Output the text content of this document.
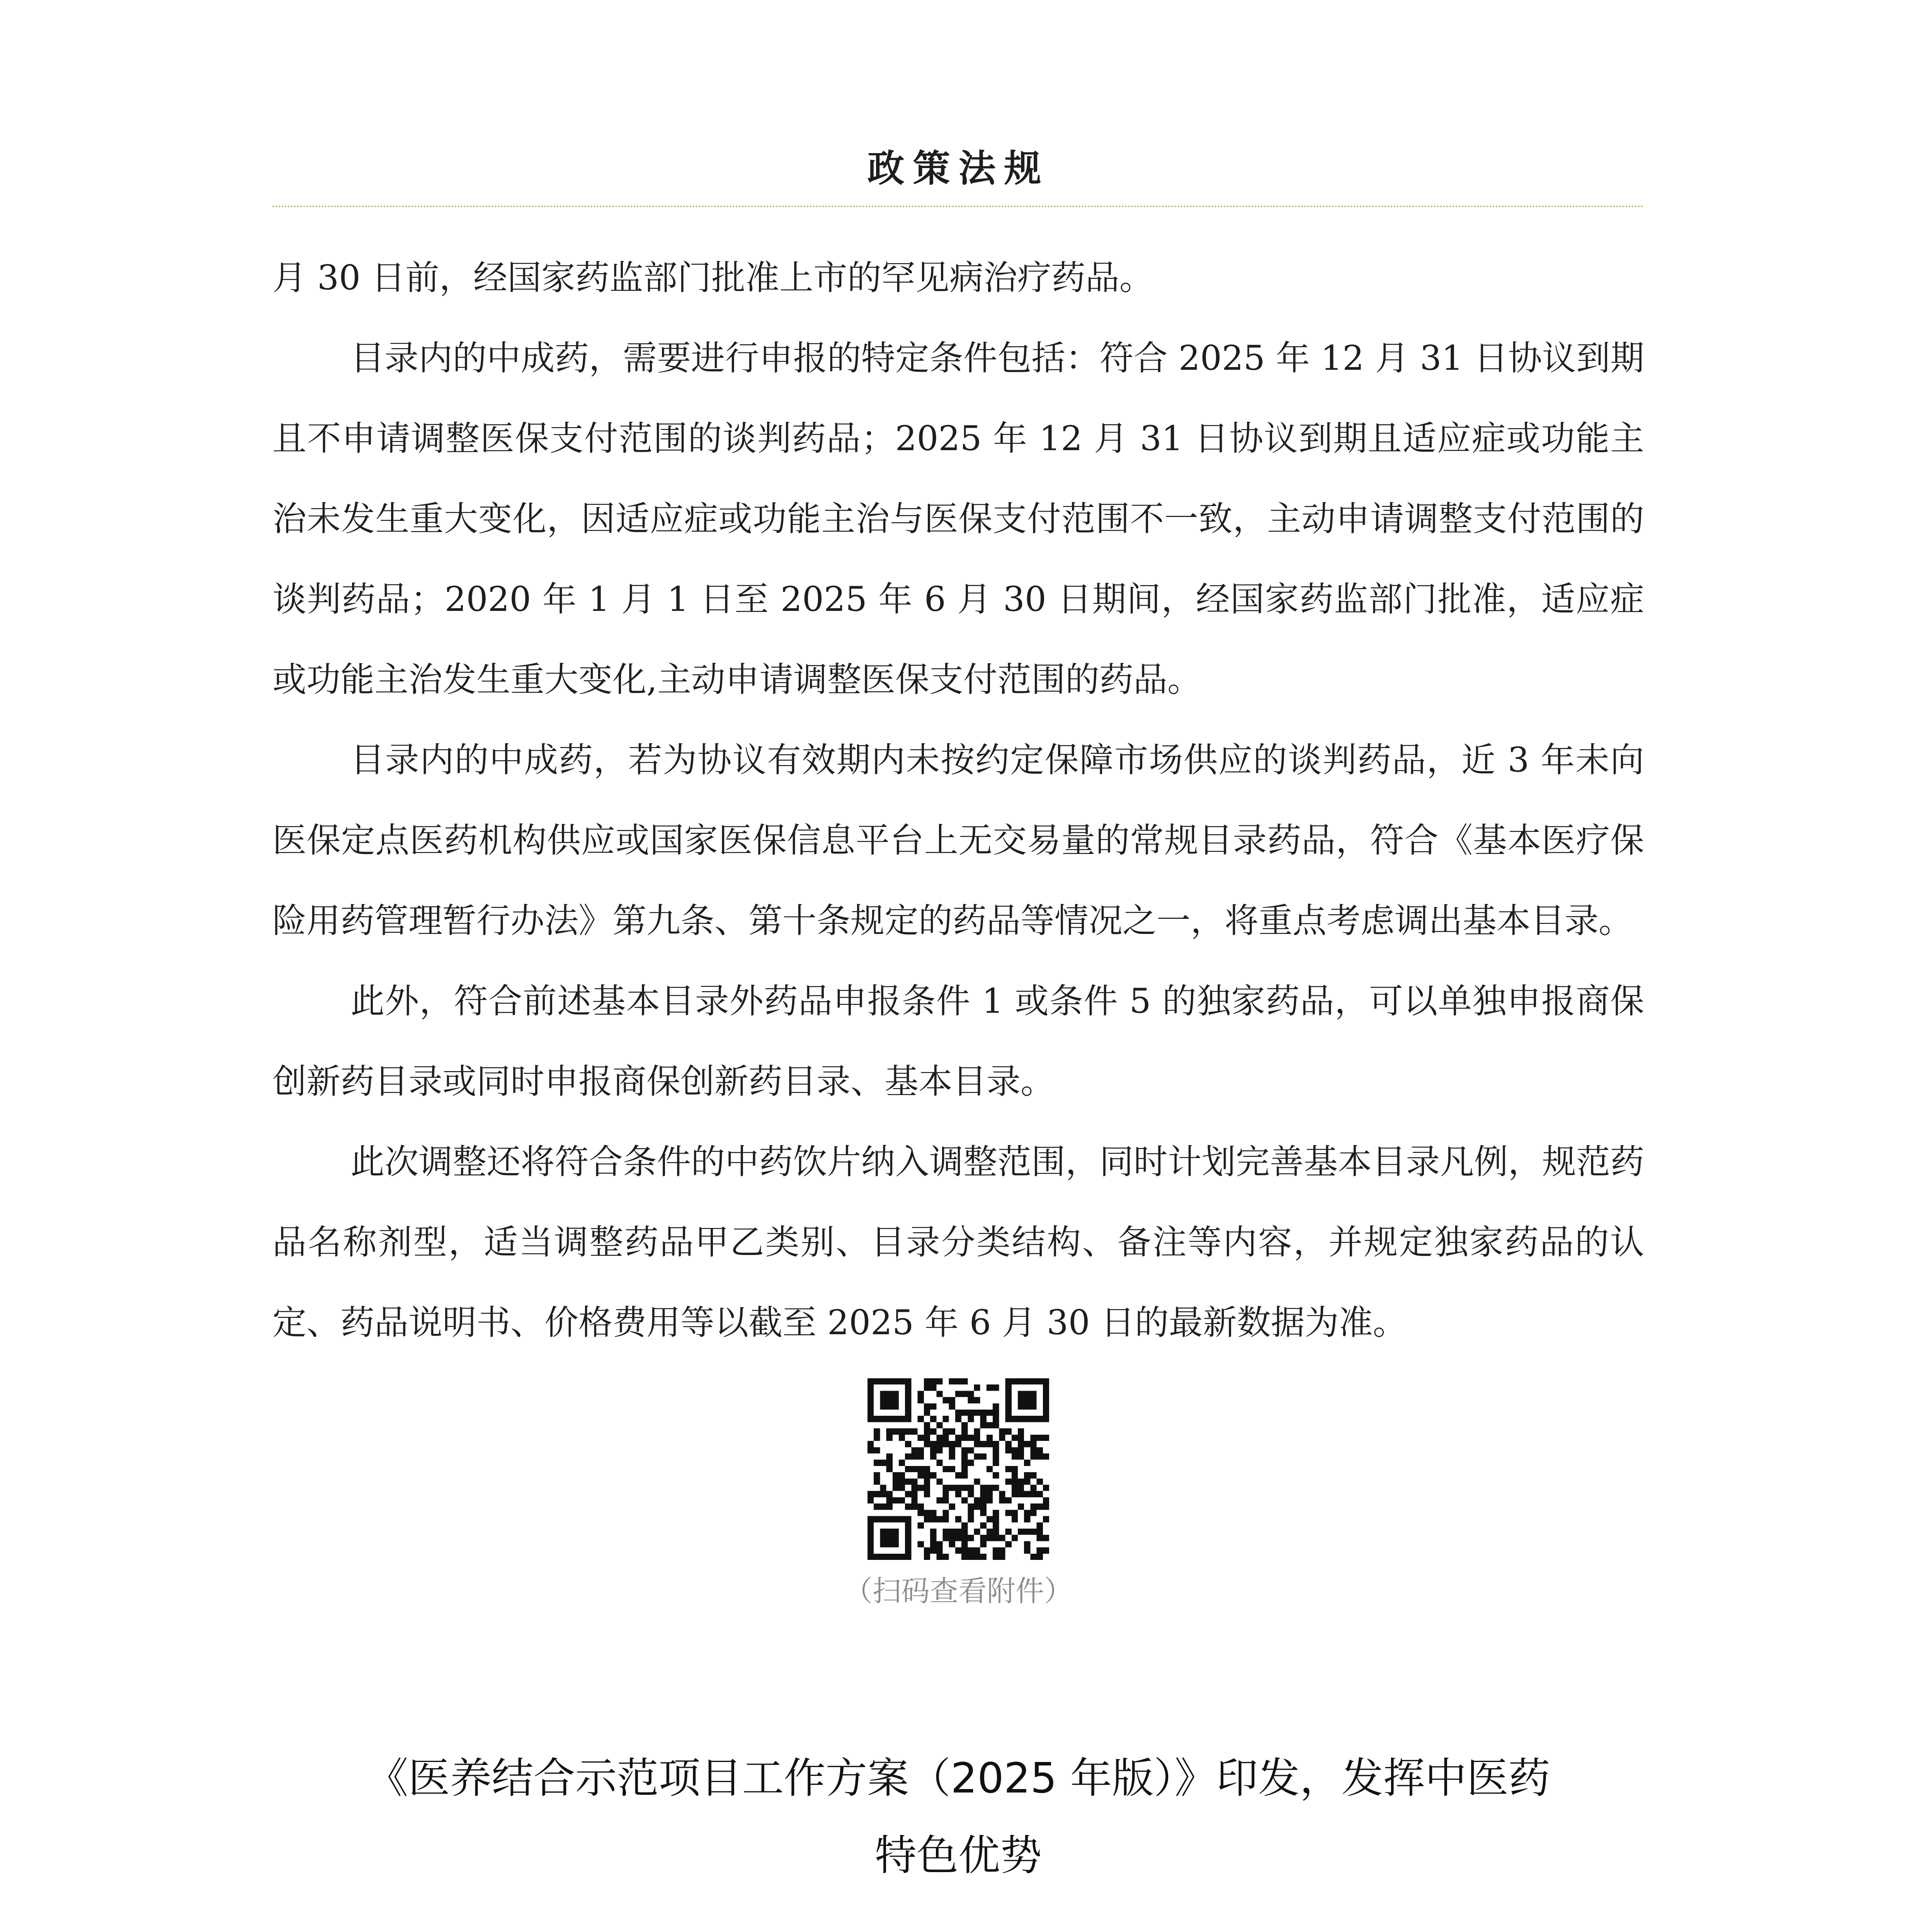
政策法规

月 30 日前，经国家药监部门批准上市的罕见病治疗药品。

目录内的中成药，需要进行申报的特定条件包括：符合 2025 年 12 月 31 日协议到期且不申请调整医保支付范围的谈判药品；2025 年 12 月 31 日协议到期且适应症或功能主治未发生重大变化，因适应症或功能主治与医保支付范围不一致，主动申请调整支付范围的谈判药品；2020 年 1 月 1 日至 2025 年 6 月 30 日期间，经国家药监部门批准，适应症或功能主治发生重大变化,主动申请调整医保支付范围的药品。

目录内的中成药，若为协议有效期内未按约定保障市场供应的谈判药品，近 3 年未向医保定点医药机构供应或国家医保信息平台上无交易量的常规目录药品，符合《基本医疗保险用药管理暂行办法》第九条、第十条规定的药品等情况之一，将重点考虑调出基本目录。

此外，符合前述基本目录外药品申报条件 1 或条件 5 的独家药品，可以单独申报商保创新药目录或同时申报商保创新药目录、基本目录。

此次调整还将符合条件的中药饮片纳入调整范围，同时计划完善基本目录凡例，规范药品名称剂型，适当调整药品甲乙类别、目录分类结构、备注等内容，并规定独家药品的认定、药品说明书、价格费用等以截至 2025 年 6 月 30 日的最新数据为准。

（扫码查看附件）
《医养结合示范项目工作方案（2025 年版）》印发，发挥中医药
特色优势
